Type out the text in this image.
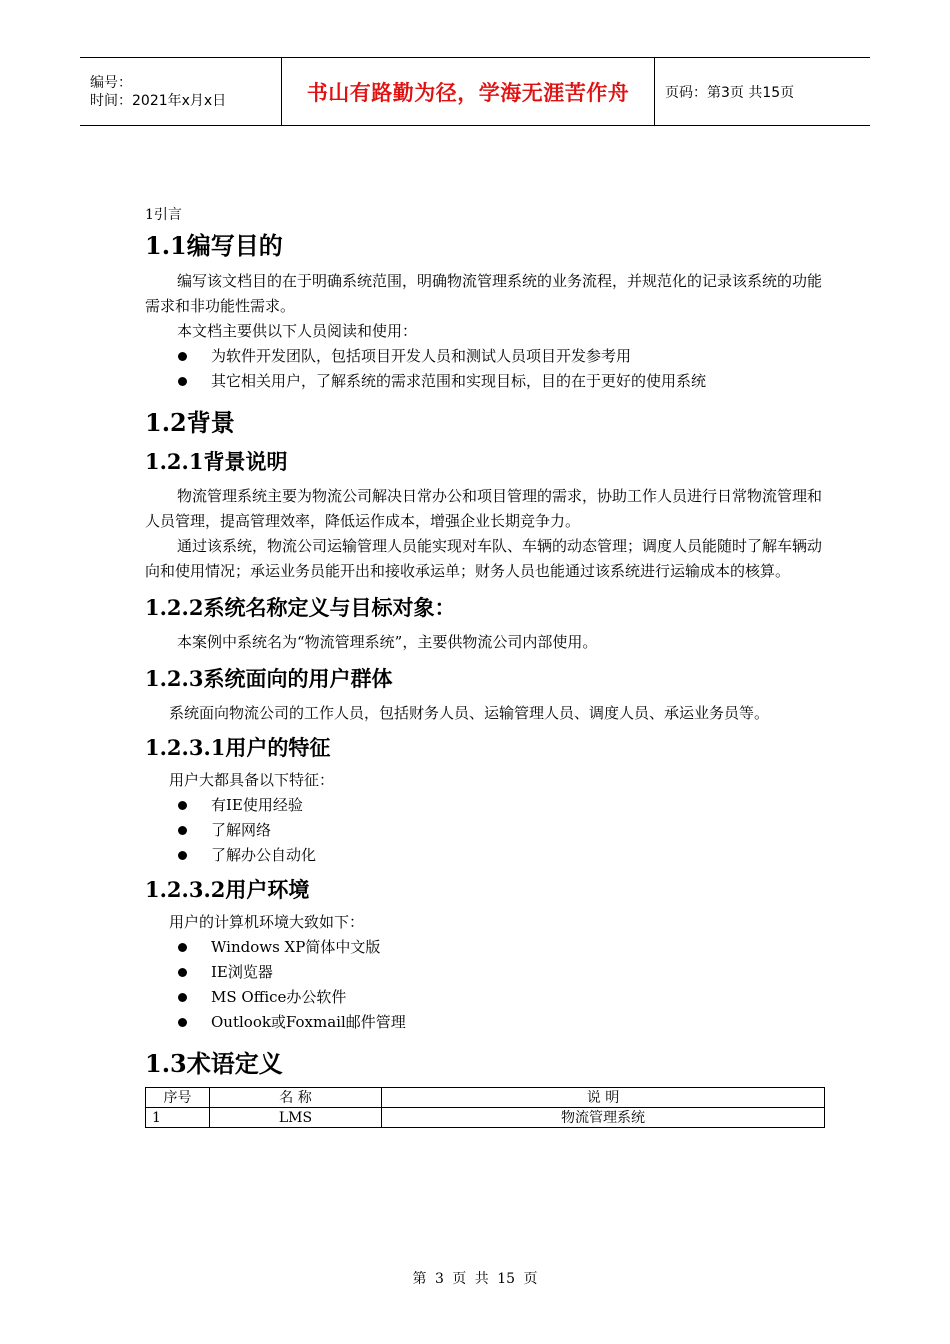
编号：
时间：2021年x月x日	书山有路勤为径，学海无涯苦作舟	页码：第3页 共15页
1引言
1.1编写目的

编写该文档目的在于明确系统范围，明确物流管理系统的业务流程，并规范化的记录该系统的功能需求和非功能性需求。

本文档主要供以下人员阅读和使用：

为软件开发团队，包括项目开发人员和测试人员项目开发参考用
其它相关用户，了解系统的需求范围和实现目标，目的在于更好的使用系统
1.2背景
1.2.1背景说明

物流管理系统主要为物流公司解决日常办公和项目管理的需求，协助工作人员进行日常物流管理和人员管理，提高管理效率，降低运作成本，增强企业长期竞争力。

通过该系统，物流公司运输管理人员能实现对车队、车辆的动态管理；调度人员能随时了解车辆动向和使用情况；承运业务员能开出和接收承运单；财务人员也能通过该系统进行运输成本的核算。

1.2.2系统名称定义与目标对象：

本案例中系统名为“物流管理系统”，主要供物流公司内部使用。

1.2.3系统面向的用户群体

系统面向物流公司的工作人员，包括财务人员、运输管理人员、调度人员、承运业务员等。

1.2.3.1用户的特征

用户大都具备以下特征：

有IE使用经验
了解网络
了解办公自动化
1.2.3.2用户环境

用户的计算机环境大致如下：

Windows XP简体中文版
IE浏览器
MS Office办公软件
Outlook或Foxmail邮件管理
1.3术语定义
序号	名 称	说 明
1	LMS	物流管理系统
第 3 页 共 15 页
